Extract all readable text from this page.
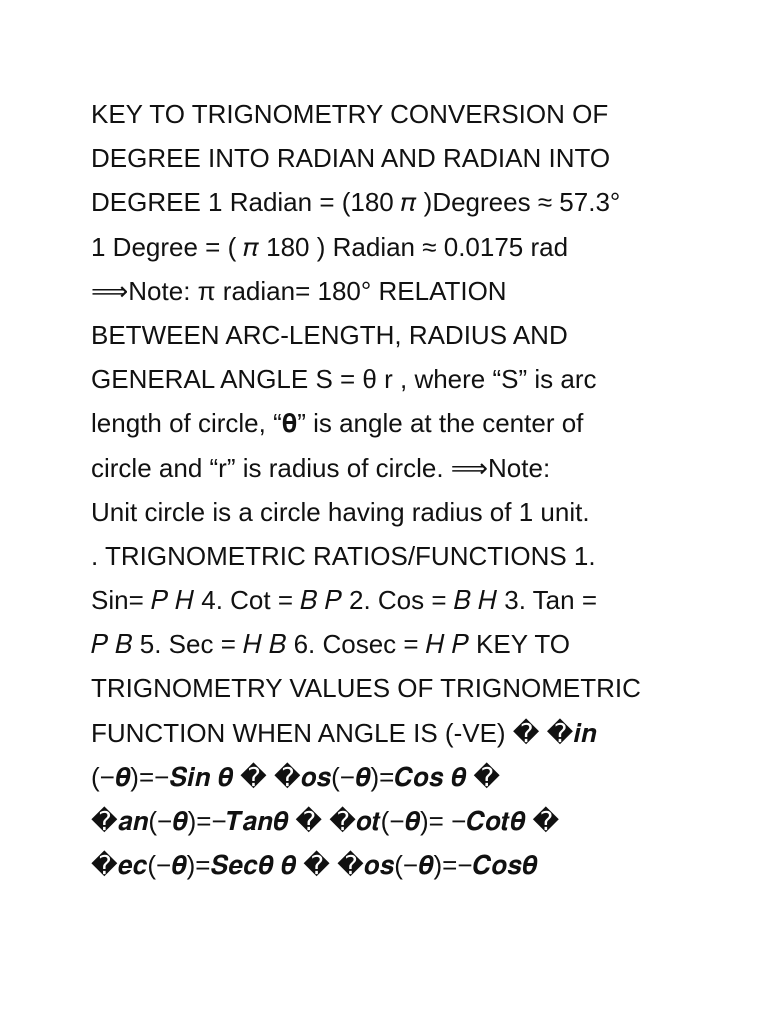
KEY TO TRIGNOMETRY CONVERSION OF
DEGREE INTO RADIAN AND RADIAN INTO
DEGREE 1 Radian = (180 𝜋 )Degrees ≈ 57.3°
1 Degree = ( 𝜋 180 ) Radian ≈ 0.0175 rad
⟹Note: π radian= 180° RELATION
BETWEEN ARC-LENGTH, RADIUS AND
GENERAL ANGLE S = θ r , where “S” is arc
length of circle, “𝛉” is angle at the center of
circle and “r” is radius of circle. ⟹Note:
Unit circle is a circle having radius of 1 unit.
. TRIGNOMETRIC RATIOS/FUNCTIONS 1.
Sin= 𝑃 𝐻 4. Cot = 𝐵 𝑃 2. Cos = 𝐵 𝐻 3. Tan =
𝑃 𝐵 5. Sec = 𝐻 𝐵 6. Cosec = 𝐻 𝑃 KEY TO
TRIGNOMETRY VALUES OF TRIGNOMETRIC
FUNCTION WHEN ANGLE IS (-VE) � �𝒊𝒏
(−𝜽)=−𝑺𝒊𝒏 𝜽 � �𝒐𝒔(−𝜽)=𝑪𝒐𝒔 𝜽 �
�𝒂𝒏(−𝜽)=−𝑻𝒂𝒏𝜽 � �𝒐𝒕(−𝜽)= −𝑪𝒐𝒕𝜽 �
�𝒆𝒄(−𝜽)=𝑺𝒆𝒄𝜽 𝜽 � �𝒐𝒔(−𝜽)=−𝑪𝒐𝒔𝜽
